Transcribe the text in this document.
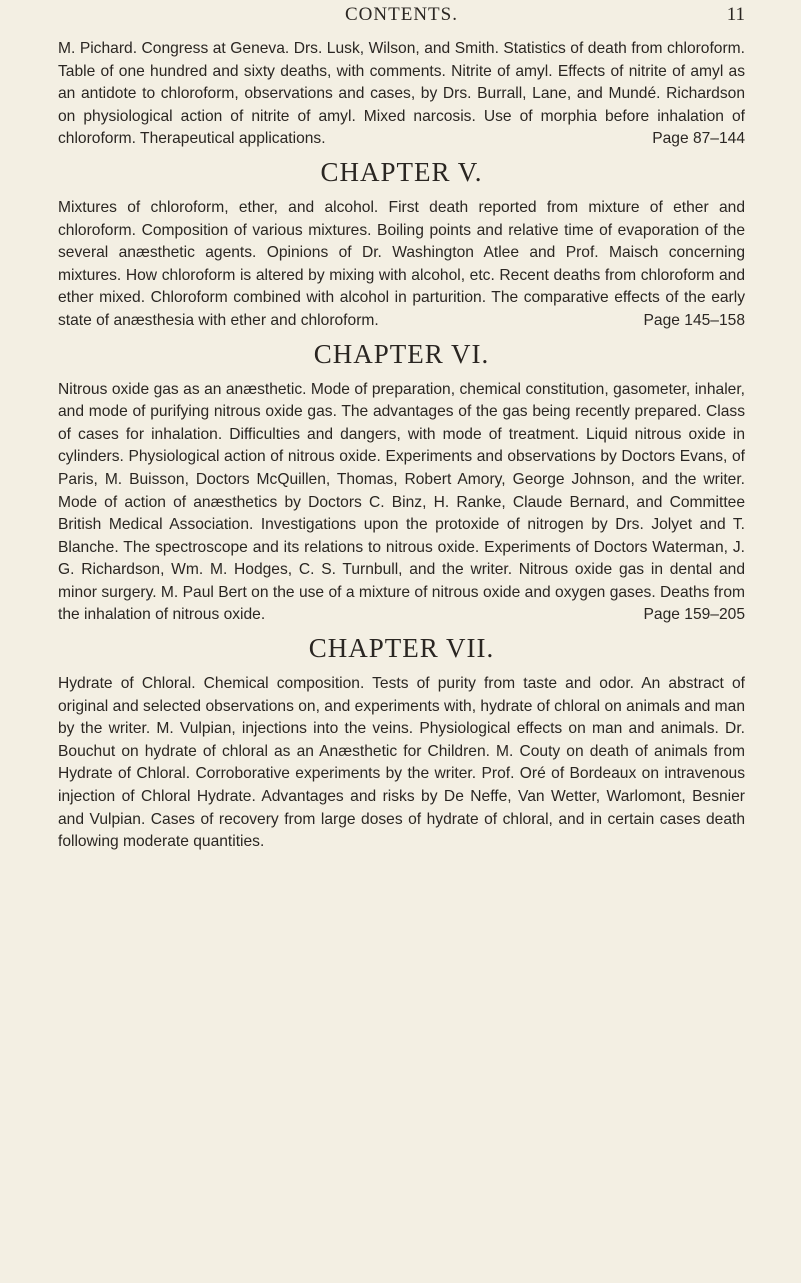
CONTENTS.	11

M. Pichard. Congress at Geneva. Drs. Lusk, Wilson, and Smith. Statistics of death from chloroform. Table of one hundred and sixty deaths, with comments. Nitrite of amyl. Effects of nitrite of amyl as an antidote to chloroform, observations and cases, by Drs. Burrall, Lane, and Mundé. Richardson on physiological action of nitrite of amyl. Mixed narcosis. Use of morphia before inhalation of chloroform. Therapeutical applications.	Page 87–144

CHAPTER V.

Mixtures of chloroform, ether, and alcohol. First death reported from mixture of ether and chloroform. Composition of various mixtures. Boiling points and relative time of evaporation of the several anæsthetic agents. Opinions of Dr. Washington Atlee and Prof. Maisch concerning mixtures. How chloroform is altered by mixing with alcohol, etc. Recent deaths from chloroform and ether mixed. Chloroform combined with alcohol in parturition. The comparative effects of the early state of anæsthesia with ether and chloroform.	Page 145–158

CHAPTER VI.

Nitrous oxide gas as an anæsthetic. Mode of preparation, chemical constitution, gasometer, inhaler, and mode of purifying nitrous oxide gas. The advantages of the gas being recently prepared. Class of cases for inhalation. Difficulties and dangers, with mode of treatment. Liquid nitrous oxide in cylinders. Physiological action of nitrous oxide. Experiments and observations by Doctors Evans, of Paris, M. Buisson, Doctors McQuillen, Thomas, Robert Amory, George Johnson, and the writer. Mode of action of anæsthetics by Doctors C. Binz, H. Ranke, Claude Bernard, and Committee British Medical Association. Investigations upon the protoxide of nitrogen by Drs. Jolyet and T. Blanche. The spectroscope and its relations to nitrous oxide. Experiments of Doctors Waterman, J. G. Richardson, Wm. M. Hodges, C. S. Turnbull, and the writer. Nitrous oxide gas in dental and minor surgery. M. Paul Bert on the use of a mixture of nitrous oxide and oxygen gases. Deaths from the inhalation of nitrous oxide.	Page 159–205

CHAPTER VII.

Hydrate of Chloral. Chemical composition. Tests of purity from taste and odor. An abstract of original and selected observations on, and experiments with, hydrate of chloral on animals and man by the writer. M. Vulpian, injections into the veins. Physiological effects on man and animals. Dr. Bouchut on hydrate of chloral as an Anæsthetic for Children. M. Couty on death of animals from Hydrate of Chloral. Corroborative experiments by the writer. Prof. Oré of Bordeaux on intravenous injection of Chloral Hydrate. Advantages and risks by De Neffe, Van Wetter, Warlomont, Besnier and Vulpian. Cases of recovery from large doses of hydrate of chloral, and in certain cases death following moderate quantities.
